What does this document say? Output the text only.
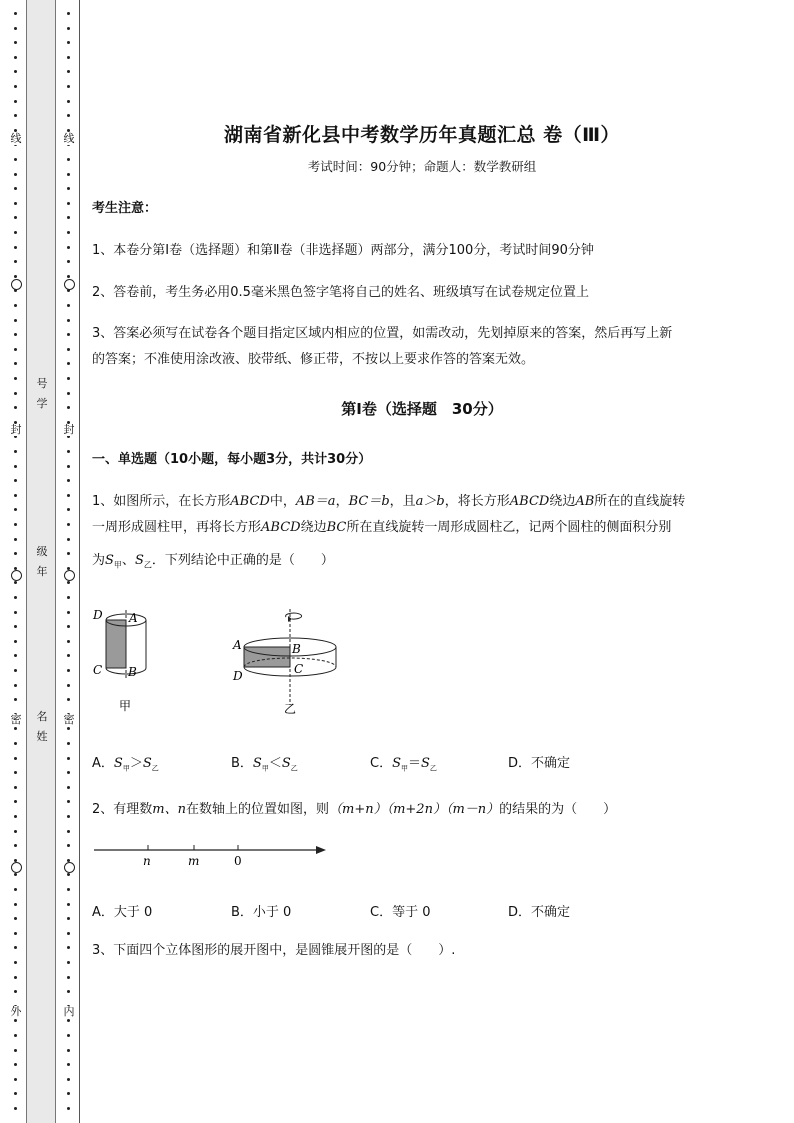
线
封
密
外
线
封
密
内
号
学
级
年
名
姓
湖南省新化县中考数学历年真题汇总 卷（Ⅲ）
考试时间：90分钟；命题人：数学教研组
考生注意：
1、本卷分第I卷（选择题）和第Ⅱ卷（非选择题）两部分，满分100分，考试时间90分钟
2、答卷前，考生务必用0.5毫米黑色签字笔将自己的姓名、班级填写在试卷规定位置上
3、答案必须写在试卷各个题目指定区域内相应的位置，如需改动，先划掉原来的答案，然后再写上新
的答案；不准使用涂改液、胶带纸、修正带，不按以上要求作答的答案无效。
第I卷（选择题　30分）
一、单选题（10小题，每小题3分，共计30分）
1、如图所示，在长方形ABCD中，AB＝a，BC＝b，且a＞b，将长方形ABCD绕边AB所在的直线旋转
一周形成圆柱甲，再将长方形ABCD绕边BC所在直线旋转一周形成圆柱乙，记两个圆柱的侧面积分别
为$S_甲$、$S_乙$．下列结论中正确的是（　　）
D A
C B
甲
A	B
C
D
乙
A．$S_甲>S_乙$	B．$S_甲<S_乙$	C．$S_甲=S_乙$	D．不确定
2、有理数m、n在数轴上的位置如图，则（m+n）（m+2n）（m－n）的结果的为（　　）
n	m	0
A．大于 0	B．小于 0	C．等于 0	D．不确定
3、下面四个立体图形的展开图中，是圆锥展开图的是（　　）.
